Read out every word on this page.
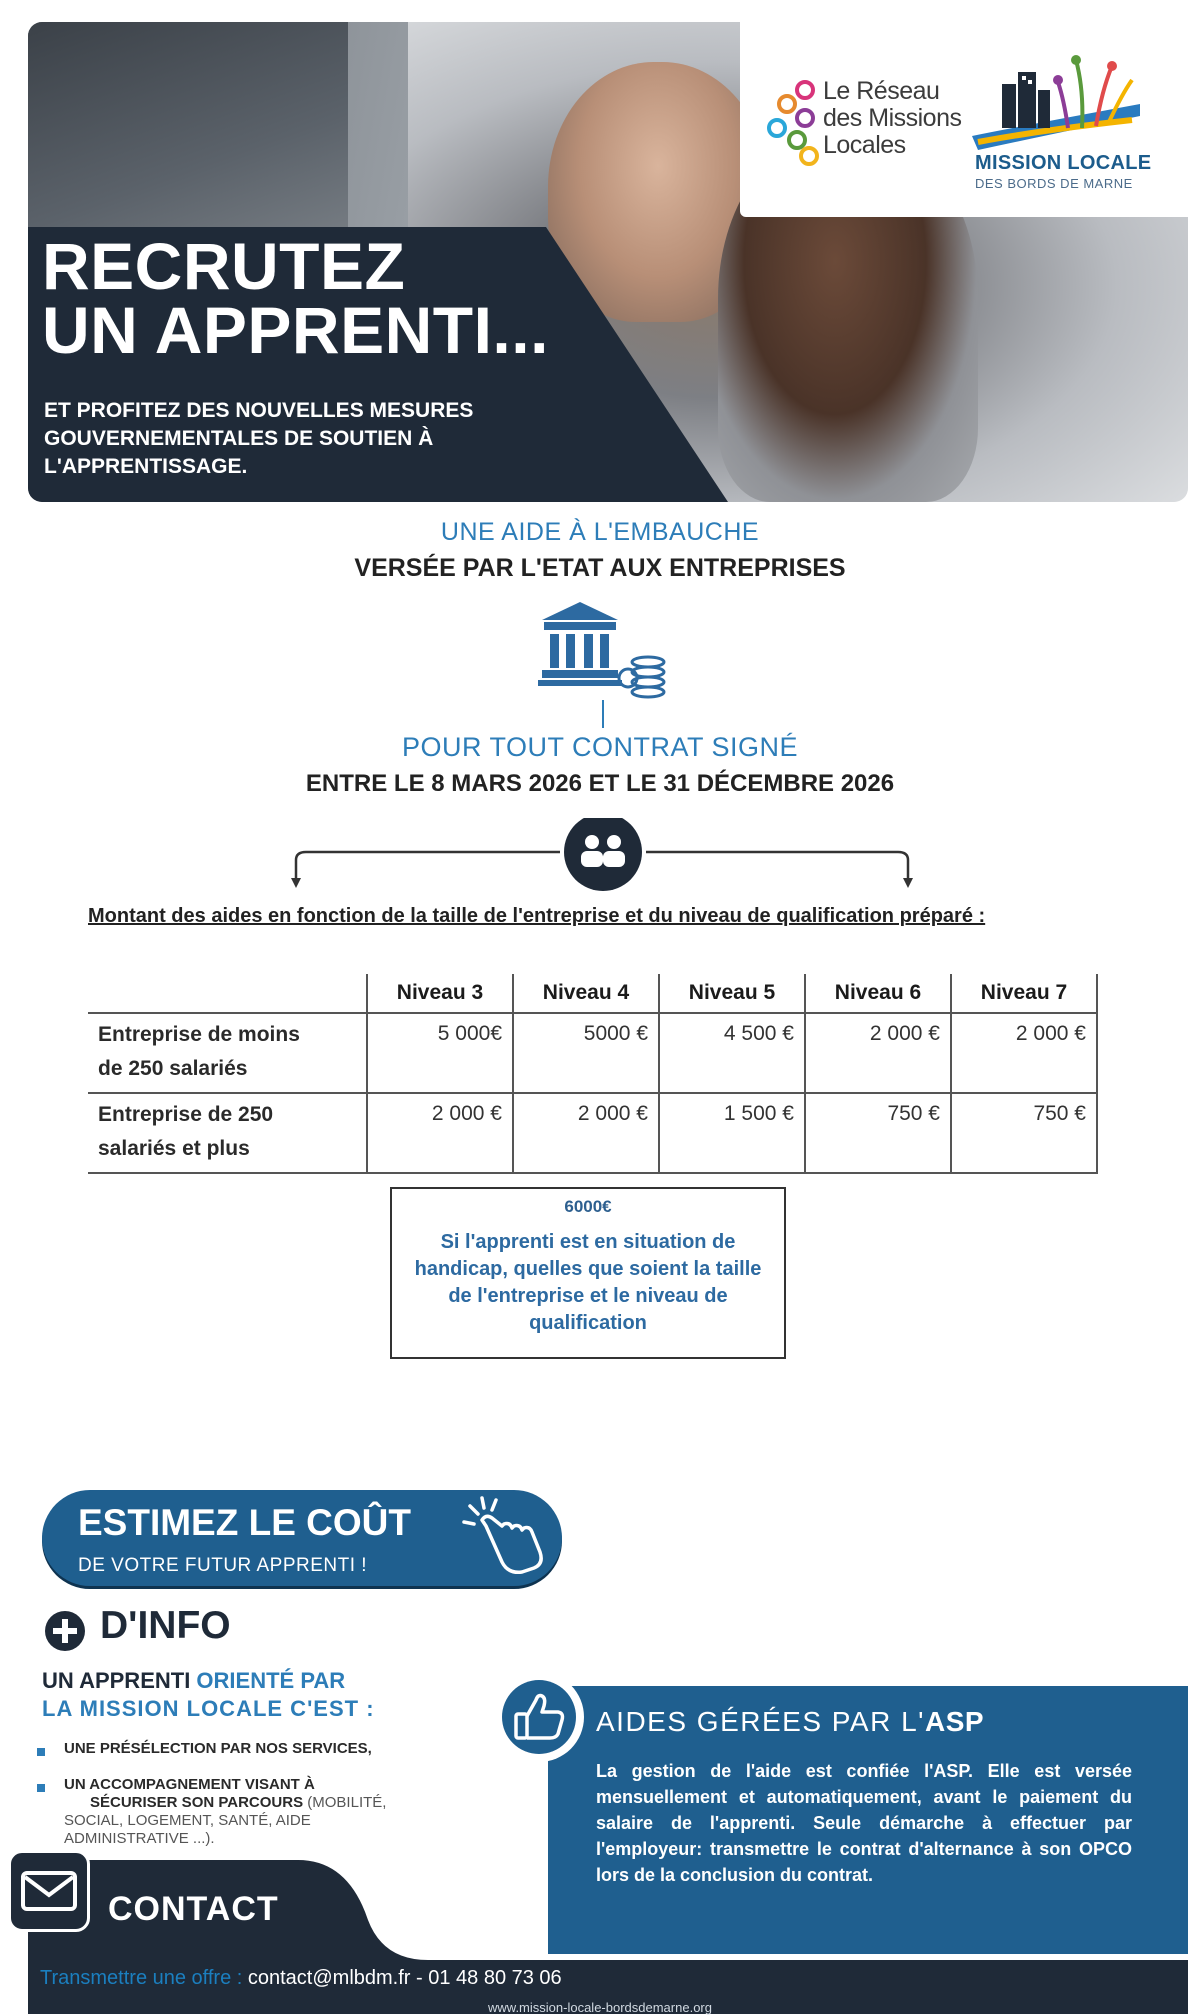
RECRUTEZ
UN APPRENTI...

ET PROFITEZ DES NOUVELLES MESURES GOUVERNEMENTALES DE SOUTIEN À L'APPRENTISSAGE.

Le Réseau
des Missions
Locales
MISSION LOCALE
DES BORDS DE MARNE
UNE AIDE À L'EMBAUCHE
VERSÉE PAR L'ETAT AUX ENTREPRISES
POUR TOUT CONTRAT SIGNÉ
ENTRE LE 8 MARS 2026 ET LE 31 DÉCEMBRE 2026
Montant des aides en fonction de la taille de l'entreprise et du niveau de qualification préparé :
	Niveau 3	Niveau 4	Niveau 5	Niveau 6	Niveau 7

Entreprise de moins
de 250 salariés	5 000€	5000 €	4 500 €	2 000 €	2 000 €

Entreprise de 250
salariés et plus	2 000 €	2 000 €	1 500 €	750 €	750 €
6000€
Si l'apprenti est en situation de handicap, quelles que soient la taille de l'entreprise et le niveau de qualification
ESTIMEZ LE COÛT
DE VOTRE FUTUR APPRENTI !
D'INFO
UN APPRENTI ORIENTÉ PAR
LA MISSION LOCALE C'EST :
UNE PRÉSÉLECTION PAR NOS SERVICES,
UN ACCOMPAGNEMENT VISANT À
SÉCURISER SON PARCOURS (MOBILITÉ, SOCIAL, LOGEMENT, SANTÉ, AIDE ADMINISTRATIVE ...).
AIDES GÉRÉES PAR L'ASP
La gestion de l'aide est confiée l'ASP. Elle est versée mensuellement et automatiquement, avant le paiement du salaire de l'apprenti. Seule démarche à effectuer par l'employeur: transmettre le contrat d'alternance à son OPCO lors de la conclusion du contrat.
CONTACT
Transmettre une offre : contact@mlbdm.fr - 01 48 80 73 06
www.mission-locale-bordsdemarne.org
